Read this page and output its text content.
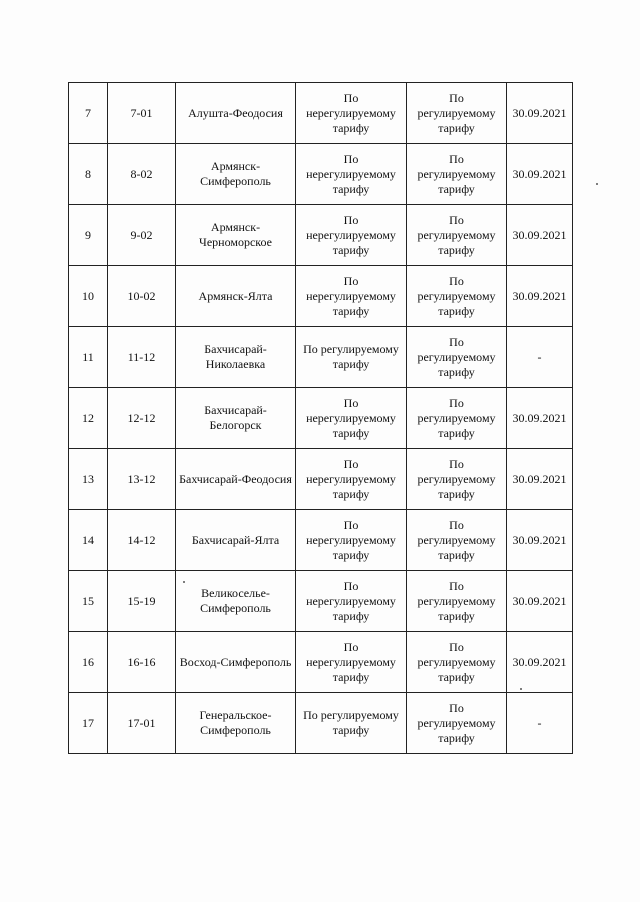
7	7-01	Алушта-Феодосия	По нерегулируемому тарифу	По регулируемому тарифу	30.09.2021
8	8-02	Армянск-Симферополь	По нерегулируемому тарифу	По регулируемому тарифу	30.09.2021
9	9-02	Армянск-Черноморское	По нерегулируемому тарифу	По регулируемому тарифу	30.09.2021
10	10-02	Армянск-Ялта	По нерегулируемому тарифу	По регулируемому тарифу	30.09.2021
11	11-12	Бахчисарай-Николаевка	По регулируемому тарифу	По регулируемому тарифу	-
12	12-12	Бахчисарай-Белогорск	По нерегулируемому тарифу	По регулируемому тарифу	30.09.2021
13	13-12	Бахчисарай-Феодосия	По нерегулируемому тарифу	По регулируемому тарифу	30.09.2021
14	14-12	Бахчисарай-Ялта	По нерегулируемому тарифу	По регулируемому тарифу	30.09.2021
15	15-19	Великоселье-Симферополь	По нерегулируемому тарифу	По регулируемому тарифу	30.09.2021
16	16-16	Восход-Симферополь	По нерегулируемому тарифу	По регулируемому тарифу	30.09.2021
17	17-01	Генеральское-Симферополь	По регулируемому тарифу	По регулируемому тарифу	-
